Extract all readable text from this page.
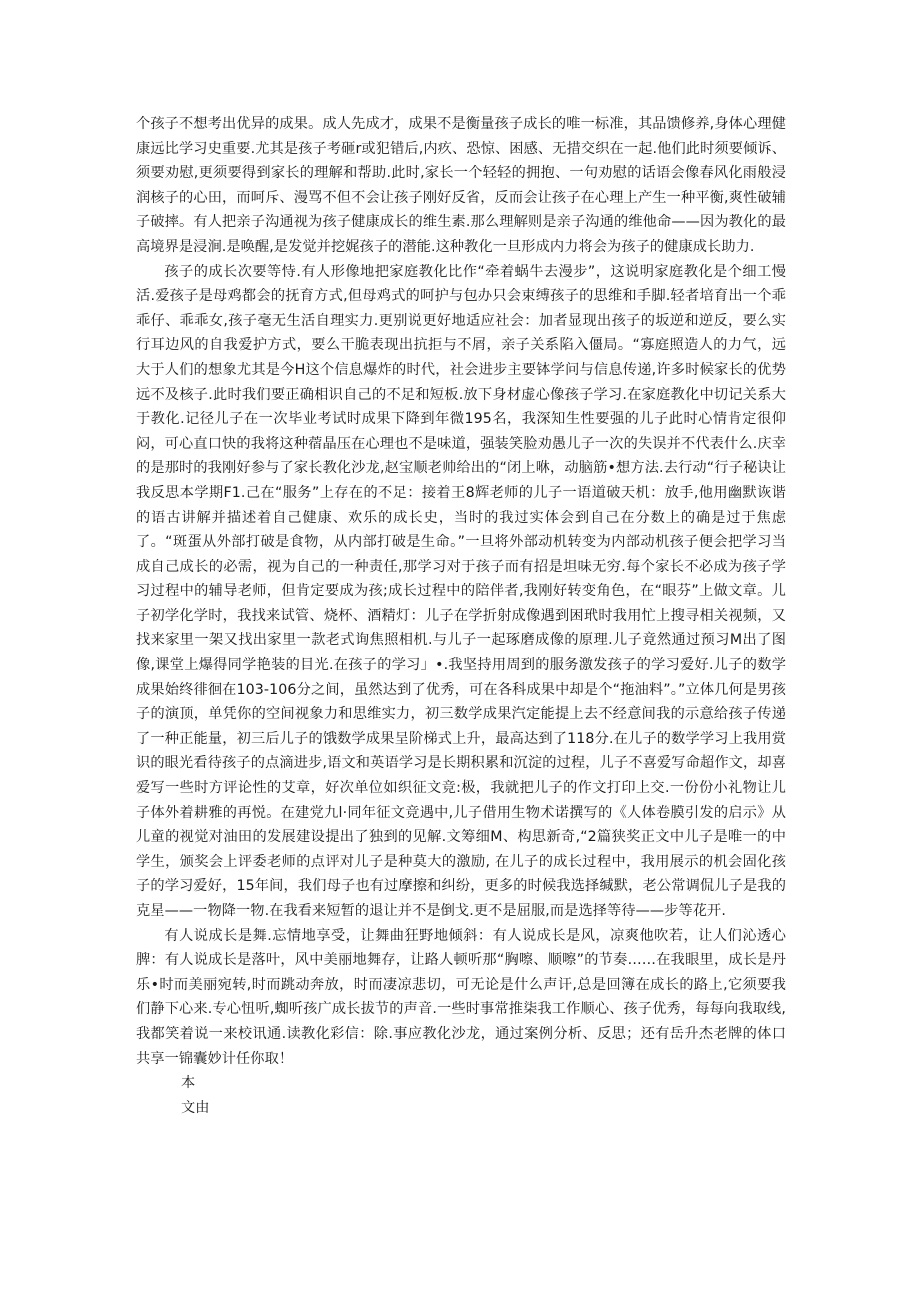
个孩子不想考出优异的成果。成人先成才，成果不是衡量孩子成长的唯一标准，其品馈修养,身体心理健康远比学习史重要.尤其是孩子考砸r或犯错后,内疚、恐惊、困感、无措交织在一起.他们此时须要倾诉、须要劝慰,更须要得到家长的理解和帮助.此时,家长一个轻轻的拥抱、一句劝慰的话语会像春风化雨般浸润核子的心田，而呵斥、漫骂不但不会让孩子刚好反省，反而会让孩子在心理上产生一种平衡,爽性破辅子破摔。有人把亲子沟通视为孩子健康成长的维生素.那么理解则是亲子沟通的维他命——因为教化的最高境界是浸涧.是唤醒,是发觉并挖娓孩子的潜能.这种教化一旦形成内力将会为孩子的健康成长助力.

孩子的成长次要等恃.有人形像地把家庭教化比作“牵着蜗牛去漫步”，这说明家庭教化是个细工慢活.爱孩子是母鸡都会的抚育方式,但母鸡式的呵护与包办只会束缚孩子的思维和手脚.轻者培育出一个乖乖仔、乖乖女,孩子毫无生活自理实力.更别说更好地适应社会：加者显现出孩子的坂逆和逆反，要么实行耳边风的自我爱护方式，要么干脆表现出抗拒与不屑，亲子关系陷入僵局。“寡庭照造人的力气，远大于人们的想象尤其是今H这个信息爆炸的时代，社会进步主要钵学问与信息传递,许多时候家长的优势远不及核子.此时我们要正确相识自己的不足和短板.放下身材虚心像孩子学习.在家庭教化中切记关系大于教化.记径儿子在一次毕业考试时成果下降到年微195名，我深知生性要强的儿子此时心情肯定很仰闷，可心直口快的我将这种蓿晶压在心理也不是味道，强装笑脸劝愚儿子一次的失误并不代表什么.庆幸的是那时的我刚好参与了家长教化沙龙,赵宝顺老帅给出的“闭上咻，动脑筋•想方法.去行动“行子秘诀让我反思本学期F1.己在“服务”上存在的不足：接着王8辉老师的儿子一语道破天机：放手,他用幽默诙谐的语古讲解并描述着自己健康、欢乐的成长史，当时的我过实体会到自己在分数上的确是过于焦虑了。“斑蛋从外部打破是食物，从内部打破是生命。”一旦将外部动机转变为内部动机孩子便会把学习当成自己成长的必需，视为自己的一种责任,那学习对于孩子而有招是坦味无穷.每个家长不必成为孩子学习过程中的辅导老师，但肯定要成为孩;成长过程中的陪伴者,我刚好转变角色，在“眼芬”上做文章。儿子初学化学时，我找来试管、烧杯、酒精灯：儿子在学折射成像遇到困玳时我用忙上搜寻相关视频，又找来家里一架又找出家里一款老式询焦照相机.与儿子一起琢磨成像的原理.儿子竟然通过预习M出了图像,课堂上爆得同学艳装的目光.在孩子的学习」•.我坚持用周到的服务激发孩子的学习爱好.儿子的数学成果始终徘徊在103-106分之间，虽然达到了优秀，可在各科成果中却是个“拖油料”。”立体几何是男孩子的演顶，单凭你的空间视象力和思维实力，初三数学成果汽定能提上去不经意间我的示意给孩子传递了一种正能量，初三后儿子的饿数学成果呈阶梯式上升，最高达到了118分.在儿子的数学学习上我用赏识的眼光看待孩子的点滴进步,语文和英语学习是长期积累和沉淀的过程，儿子不喜爱写命超作文，却喜爱写一些时方评论性的艾章，好次单位如织征文竞:极，我就把儿子的作文打印上交.一份份小礼物让儿子体外着耕雅的再悦。在建党九l·同年征文竞遇中,儿子借用生物术诺撰写的《人体卷膜引发的启示》从儿童的视觉对油田的发展建设提出了独到的见解.文筹细M、构思新奇,“2篇狭奖正文中儿子是唯一的中学生，颁奖会上评委老师的点评对儿子是种莫大的激励, 在儿子的成长过程中，我用展示的机会固化孩子的学习爱好，15年间，我们母子也有过摩擦和纠纷，更多的时候我选择缄默，老公常调侃儿子是我的克星——一物降一物.在我看来短暂的退让并不是倒戈.更不是屈服,而是选择等待——步等花开.

有人说成长是舞.忘情地享受，让舞曲狂野地倾斜：有人说成长是风，凉爽他吹若，让人们沁透心脾：有人说成长是落叶，风中美丽地舞存，让路人顿听那“胸嚓、顺嚓”的节奏……在我眼里，成长是丹乐•时而美丽宛转,时而跳动奔放，时而凄凉悲切，可无论是什么声讦,总是回簿在成长的路上,它须要我们静下心来.专心忸听,蜘听孩广成长拔节的声音.一些时事常推柒我工作顺心、孩子优秀，每每向我取线,我都笑着说一来校讯通.读教化彩信：除.事应教化沙龙，通过案例分析、反思；还有岳升杰老牌的体口共享一锦囊妙计任你取！

本

文由
